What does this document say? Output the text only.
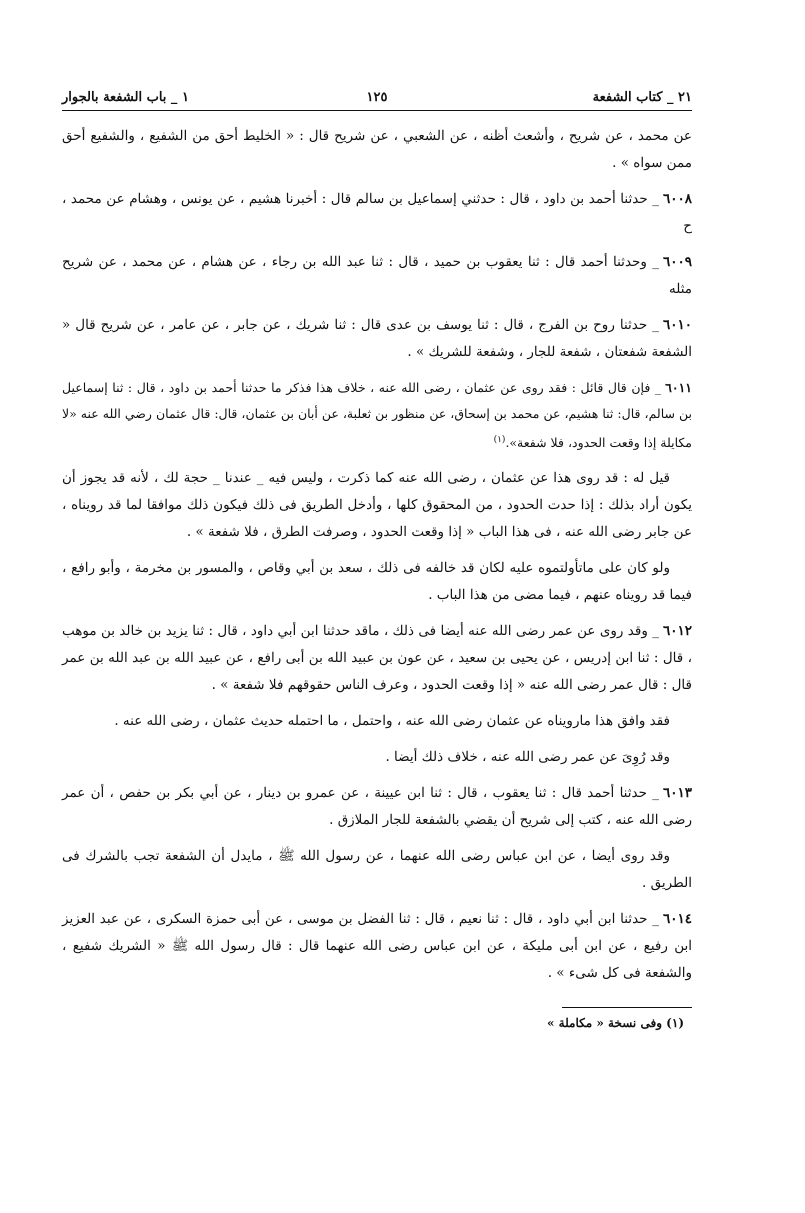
٢١ _ كتاب الشفعة
١٢٥
١ _ باب الشفعة بالجوار

عن محمد ، عن شريح ، وأشعث أظنه ، عن الشعبي ، عن شريح قال : « الخليط أحق من الشفيع ، والشفيع أحق ممن سواه » .

٦٠٠٨_ حدثنا أحمد بن داود ، قال : حدثني إسماعيل بن سالم قال : أخبرنا هشيم ، عن يونس ، وهشام عن محمد ، ح

٦٠٠٩_ وحدثنا أحمد قال : ثنا يعقوب بن حميد ، قال : ثنا عبد الله بن رجاء ، عن هشام ، عن محمد ، عن شريح مثله

٦٠١٠_ حدثنا روح بن الفرج ، قال : ثنا يوسف بن عدى قال : ثنا شريك ، عن جابر ، عن عامر ، عن شريح قال « الشفعة شفعتان ، شفعة للجار ، وشفعة للشريك » .

٦٠١١_ فإن قال قائل : فقد روى عن عثمان ، رضى الله عنه ، خلاف هذا فذكر ما حدثنا أحمد بن داود ، قال : ثنا إسماعيل بن سالم، قال: ثنا هشيم، عن محمد بن إسحاق، عن منظور بن ثعلبة، عن أبان بن عثمان، قال: قال عثمان رضي الله عنه «لا مكايلة إذا وقعت الحدود، فلا شفعة».$^{(١)}$

قيل له : قد روى هذا عن عثمان ، رضى الله عنه كما ذكرت ، وليس فيه _ عندنا _ حجة لك ، لأنه قد يجوز أن يكون أراد بذلك : إذا حدت الحدود ، من المحقوق كلها ، وأدخل الطريق فى ذلك فيكون ذلك موافقا لما قد رويناه ، عن جابر رضى الله عنه ، فى هذا الباب « إذا وقعت الحدود ، وصرفت الطرق ، فلا شفعة » .

ولو كان على ماتأولتموه عليه لكان قد خالفه فى ذلك ، سعد بن أبي وقاص ، والمسور بن مخرمة ، وأبو رافع ، فيما قد رويناه عنهم ، فيما مضى من هذا الباب .

٦٠١٢_ وقد روى عن عمر رضى الله عنه أيضا فى ذلك ، ماقد حدثنا ابن أبي داود ، قال : ثنا يزيد بن خالد بن موهب ، قال : ثنا ابن إدريس ، عن يحيى بن سعيد ، عن عون بن عبيد الله بن أبى رافع ، عن عبيد الله بن عبد الله بن عمر قال : قال عمر رضى الله عنه « إذا وقعت الحدود ، وعرف الناس حقوقهم فلا شفعة » .

فقد وافق هذا مارويناه عن عثمان رضى الله عنه ، واحتمل ، ما احتمله حديث عثمان ، رضى الله عنه .

وقد رُوِىَ عن عمر رضى الله عنه ، خلاف ذلك أيضا .

٦٠١٣_ حدثنا أحمد قال : ثنا يعقوب ، قال : ثنا ابن عيينة ، عن عمرو بن دينار ، عن أبي بكر بن حفص ، أن عمر رضى الله عنه ، كتب إلى شريح أن يقضي بالشفعة للجار الملازق .

وقد روى أيضا ، عن ابن عباس رضى الله عنهما ، عن رسول الله ﷺ ، مايدل أن الشفعة تجب بالشرك فى الطريق .

٦٠١٤_ حدثنا ابن أبي داود ، قال : ثنا نعيم ، قال : ثنا الفضل بن موسى ، عن أبى حمزة السكرى ، عن عبد العزيز ابن رفيع ، عن ابن أبى مليكة ، عن ابن عباس رضى الله عنهما قال : قال رسول الله ﷺ « الشريك شفيع ، والشفعة فى كل شىء » .

(١) وفى نسخة « مكاملة »
